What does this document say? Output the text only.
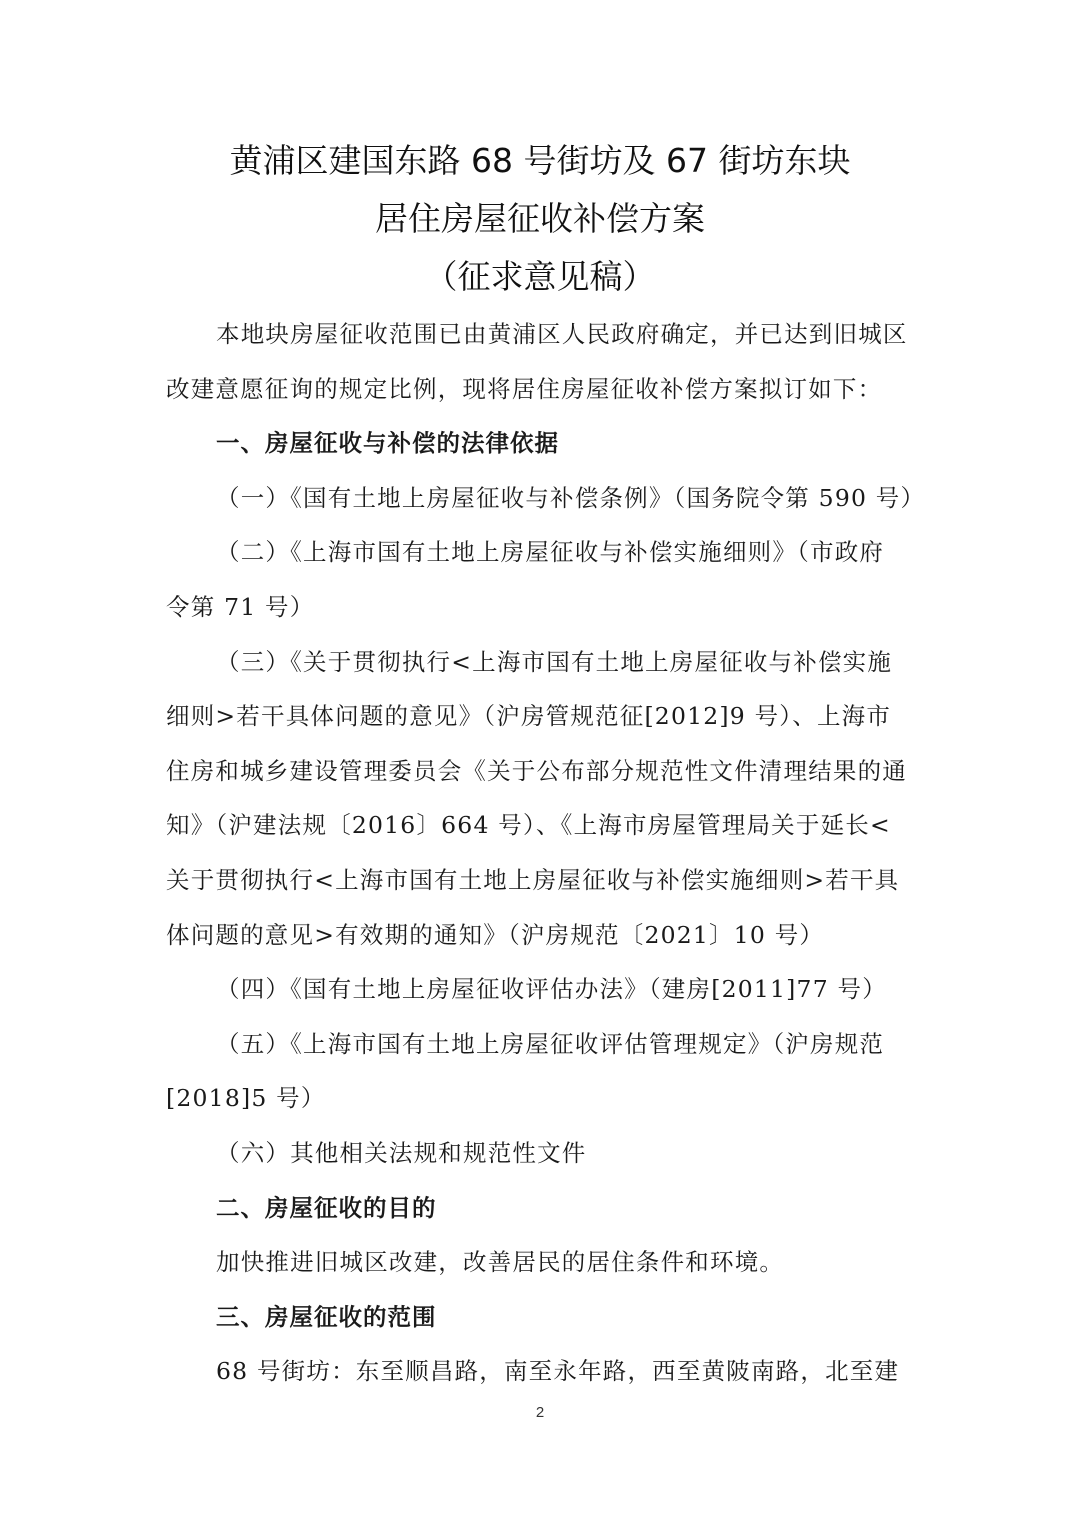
黄浦区建国东路 68 号街坊及 67 街坊东块
居住房屋征收补偿方案
（征求意见稿）

本地块房屋征收范围已由黄浦区人民政府确定，并已达到旧城区

改建意愿征询的规定比例，现将居住房屋征收补偿方案拟订如下：

一、房屋征收与补偿的法律依据

（一）《国有土地上房屋征收与补偿条例》（国务院令第 590 号）

（二）《上海市国有土地上房屋征收与补偿实施细则》（市政府

令第 71 号）

（三）《关于贯彻执行<上海市国有土地上房屋征收与补偿实施

细则>若干具体问题的意见》（沪房管规范征[2012]9 号）、上海市

住房和城乡建设管理委员会《关于公布部分规范性文件清理结果的通

知》（沪建法规〔2016〕664 号）、《上海市房屋管理局关于延长<

关于贯彻执行<上海市国有土地上房屋征收与补偿实施细则>若干具

体问题的意见>有效期的通知》（沪房规范〔2021〕10 号）

（四）《国有土地上房屋征收评估办法》（建房[2011]77 号）

（五）《上海市国有土地上房屋征收评估管理规定》（沪房规范

[2018]5 号）

（六）其他相关法规和规范性文件

二、房屋征收的目的

加快推进旧城区改建，改善居民的居住条件和环境。

三、房屋征收的范围

68 号街坊：东至顺昌路，南至永年路，西至黄陂南路，北至建

2
